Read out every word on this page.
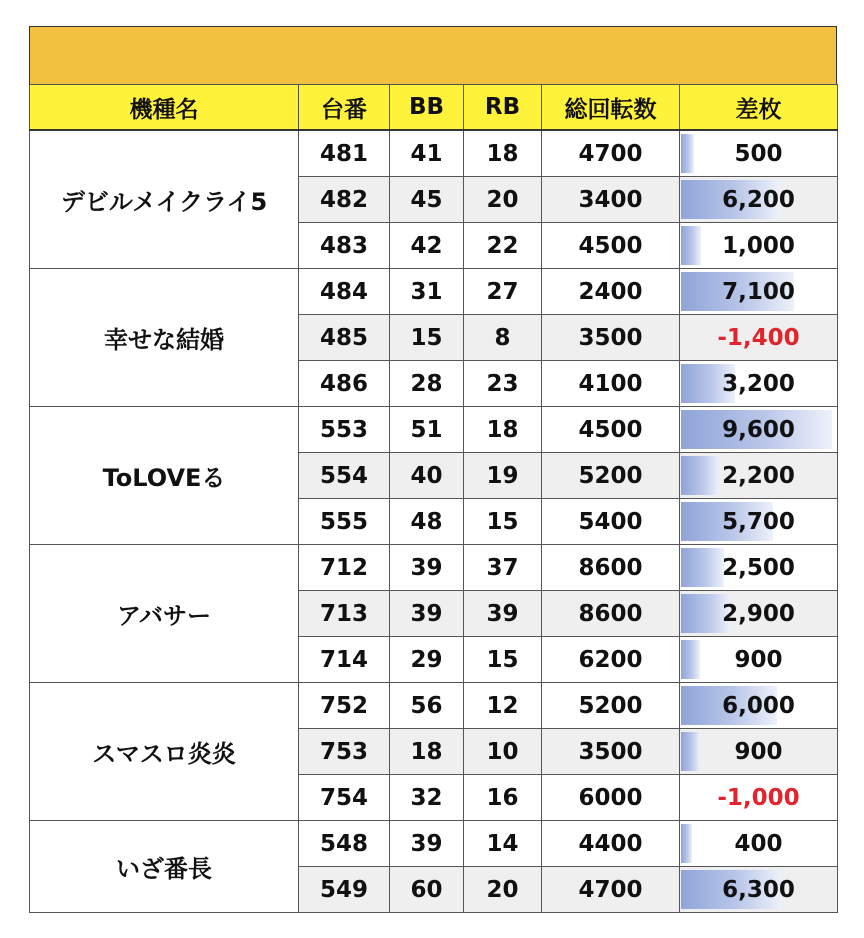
機種名	台番	BB	RB	総回転数	差枚
デビルメイクライ5	481	41	18	4700	500
	482	45	20	3400	6,200
	483	42	22	4500	1,000
幸せな結婚	484	31	27	2400	7,100
	485	15	8	3500	-1,400
	486	28	23	4100	3,200
ToLOVEる	553	51	18	4500	9,600
	554	40	19	5200	2,200
	555	48	15	5400	5,700
アバサー	712	39	37	8600	2,500
	713	39	39	8600	2,900
	714	29	15	6200	900
スマスロ炎炎	752	56	12	5200	6,000
	753	18	10	3500	900
	754	32	16	6000	-1,000
いざ番長	548	39	14	4400	400
	549	60	20	4700	6,300
